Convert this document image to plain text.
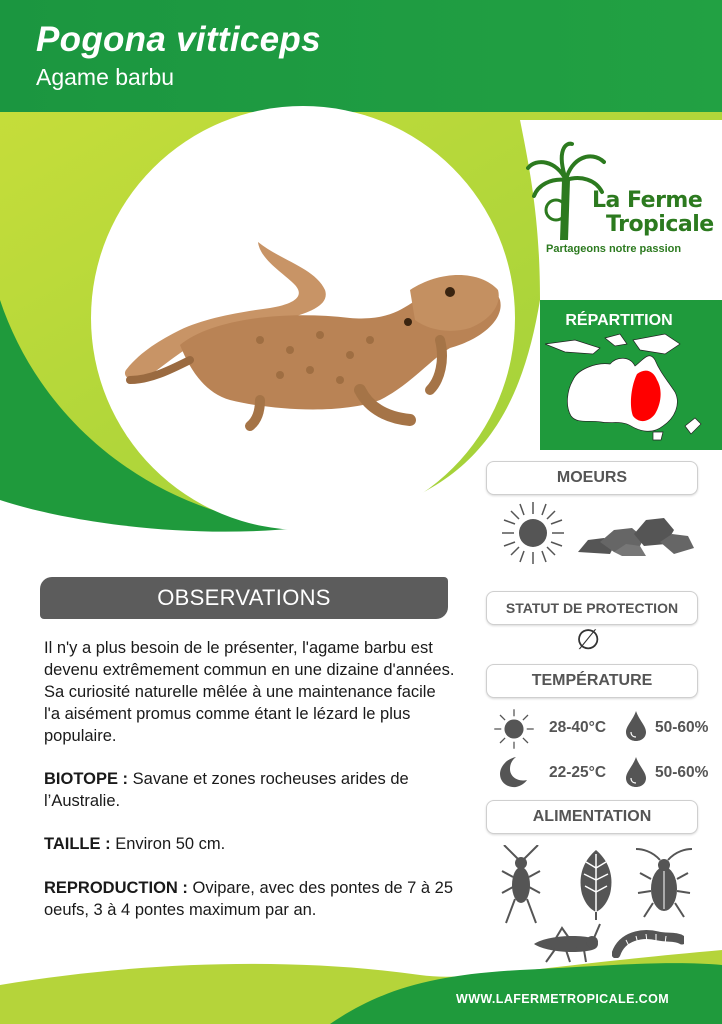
Pogona vitticeps
Agame barbu
La Ferme
Tropicale
Partageons notre passion
RÉPARTITION
MOEURS
STATUT DE PROTECTION
∅
TEMPÉRATURE
28-40°C	50-60%
22-25°C	50-60%
ALIMENTATION
OBSERVATIONS
Il n'y a plus besoin de le présenter, l'agame barbu est devenu extrêmement commun en une dizaine d'années. Sa curiosité naturelle mêlée à une maintenance facile l'a aisément promus comme étant le lézard le plus populaire.
BIOTOPE : Savane et zones rocheuses arides de l’Australie.
TAILLE : Environ 50 cm.
REPRODUCTION : Ovipare, avec des pontes de 7 à 25 oeufs, 3 à 4 pontes maximum par an.
WWW.LAFERMETROPICALE.COM
